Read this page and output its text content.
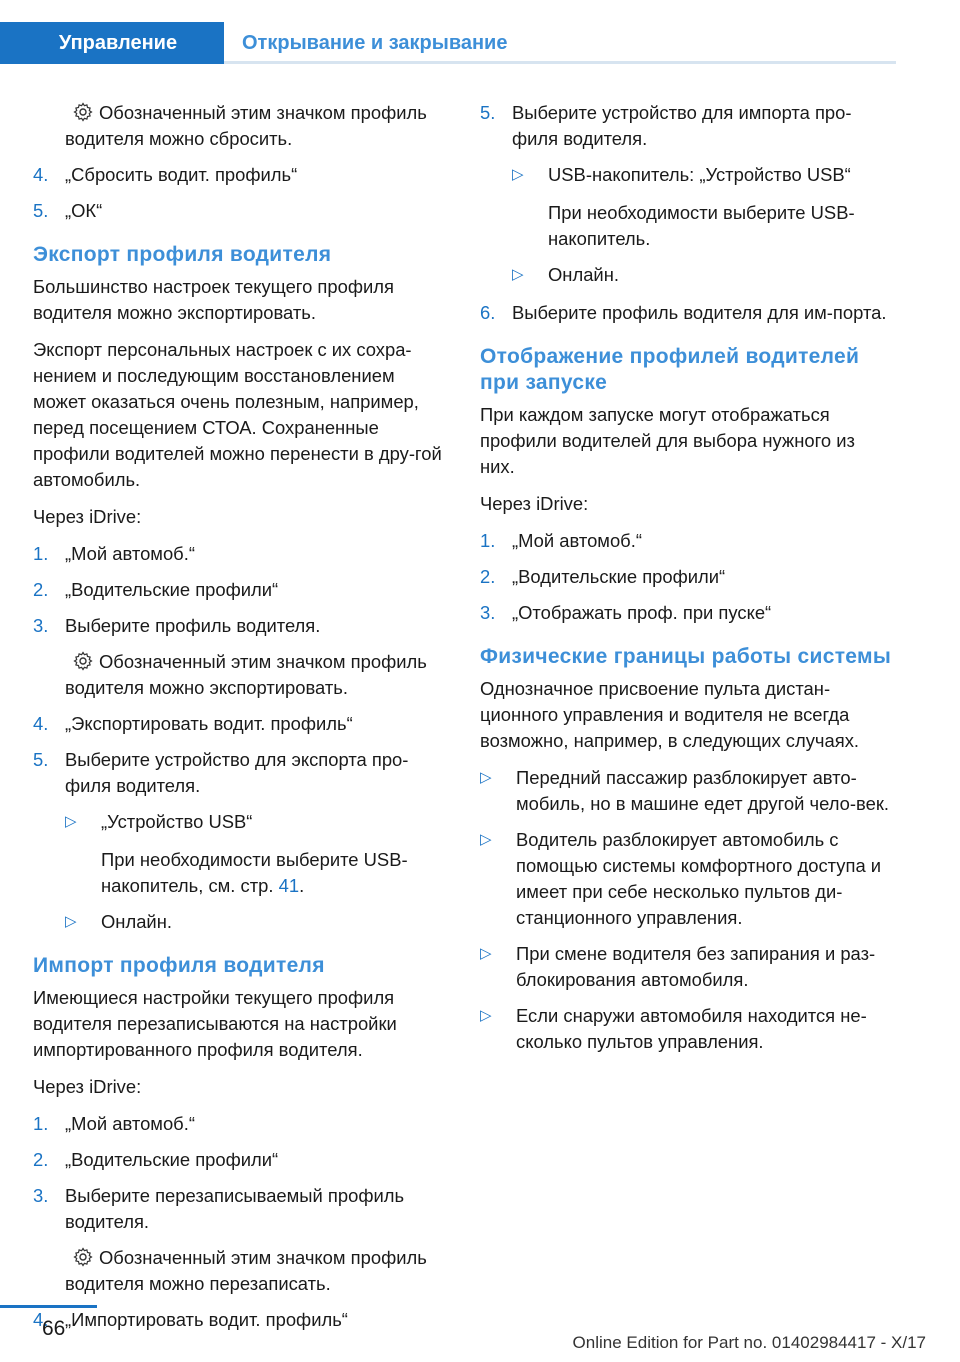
Управление	Открывание и закрывание

Обозначенный этим значком профиль водителя можно сбросить.

4. „Сбросить водит. профиль“
5. „ОК“
Экспорт профиля водителя

Большинство настроек текущего профиля водителя можно экспортировать.

Экспорт персональных настроек с их сохра-нением и последующим восстановлением может оказаться очень полезным, например, перед посещением СТОА. Сохраненные профили водителей можно перенести в дру-гой автомобиль.

Через iDrive:

1. „Мой автомоб.“
2. „Водительские профили“
3. Выберите профиль водителя.

Обозначенный этим значком профиль водителя можно экспортировать.

4. „Экспортировать водит. профиль“
5. Выберите устройство для экспорта про-филя водителя.
▷	„Устройство USB“

При необходимости выберите USB-накопитель, см. стр. 41.

▷	Онлайн.
Импорт профиля водителя

Имеющиеся настройки текущего профиля водителя перезаписываются на настройки импортированного профиля водителя.

Через iDrive:

1. „Мой автомоб.“
2. „Водительские профили“
3. Выберите перезаписываемый профиль водителя.

Обозначенный этим значком профиль водителя можно перезаписать.

4. „Импортировать водит. профиль“
5. Выберите устройство для импорта про-филя водителя.
▷	USB-накопитель: „Устройство USB“

При необходимости выберите USB-накопитель.

▷	Онлайн.
6. Выберите профиль водителя для им-порта.
Отображение профилей водителей при запуске

При каждом запуске могут отображаться профили водителей для выбора нужного из них.

Через iDrive:

1. „Мой автомоб.“
2. „Водительские профили“
3. „Отображать проф. при пуске“
Физические границы работы системы

Однозначное присвоение пульта дистан-ционного управления и водителя не всегда возможно, например, в следующих случаях.

▷	Передний пассажир разблокирует авто-мобиль, но в машине едет другой чело-век.
▷	Водитель разблокирует автомобиль с помощью системы комфортного доступа и имеет при себе несколько пультов ди-станционного управления.
▷	При смене водителя без запирания и раз-блокирования автомобиля.
▷	Если снаружи автомобиля находится не-сколько пультов управления.
66
Online Edition for Part no. 01402984417 - X/17
